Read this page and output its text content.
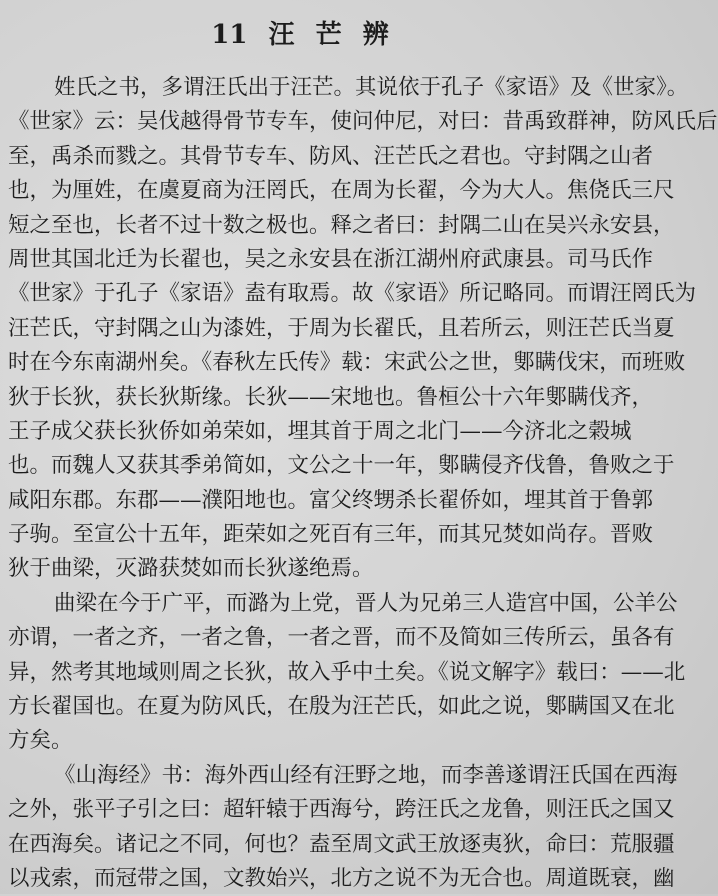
11 汪 芒 辨
姓氏之书，多谓汪氏出于汪芒。其说依于孔子《家语》及《世家》。
《世家》云：吴伐越得骨节专车，使问仲尼，对曰：昔禹致群神，防风氏后
至，禹杀而戮之。其骨节专车、防风、汪芒氏之君也。守封隅之山者
也，为厘姓，在虞夏商为汪罔氏，在周为长翟，今为大人。焦侥氏三尺
短之至也，长者不过十数之极也。释之者曰：封隅二山在吴兴永安县，
周世其国北迁为长翟也，吴之永安县在浙江湖州府武康县。司马氏作
《世家》于孔子《家语》盍有取焉。故《家语》所记略同。而谓汪罔氏为
汪芒氏，守封隅之山为漆姓，于周为长翟氏，且若所云，则汪芒氏当夏
时在今东南湖州矣。《春秋左氏传》载：宋武公之世，鄋瞒伐宋，而班败
狄于长狄，获长狄斯缘。长狄——宋地也。鲁桓公十六年鄋瞒伐齐，
王子成父获长狄侨如弟荣如，埋其首于周之北门——今济北之榖城
也。而魏人又获其季弟简如，文公之十一年，鄋瞒侵齐伐鲁，鲁败之于
咸阳东郡。东郡——濮阳地也。富父终甥杀长翟侨如，埋其首于鲁郭
子驹。至宣公十五年，距荣如之死百有三年，而其兄焚如尚存。晋败
狄于曲梁，灭潞获焚如而长狄遂绝焉。
曲梁在今于广平，而潞为上党，晋人为兄弟三人造宫中国，公羊公
亦谓，一者之齐，一者之鲁，一者之晋，而不及简如三传所云，虽各有
异，然考其地域则周之长狄，故入乎中土矣。《说文解字》载曰：——北
方长翟国也。在夏为防风氏，在殷为汪芒氏，如此之说，鄋瞒国又在北
方矣。
《山海经》书：海外西山经有汪野之地，而李善遂谓汪氏国在西海
之外，张平子引之曰：超轩辕于西海兮，跨汪氏之龙鲁，则汪氏之国又
在西海矣。诸记之不同，何也？盍至周文武王放逐夷狄，命曰：荒服疆
以戎索，而冠带之国，文教始兴，北方之说不为无合也。周道既衰，幽
